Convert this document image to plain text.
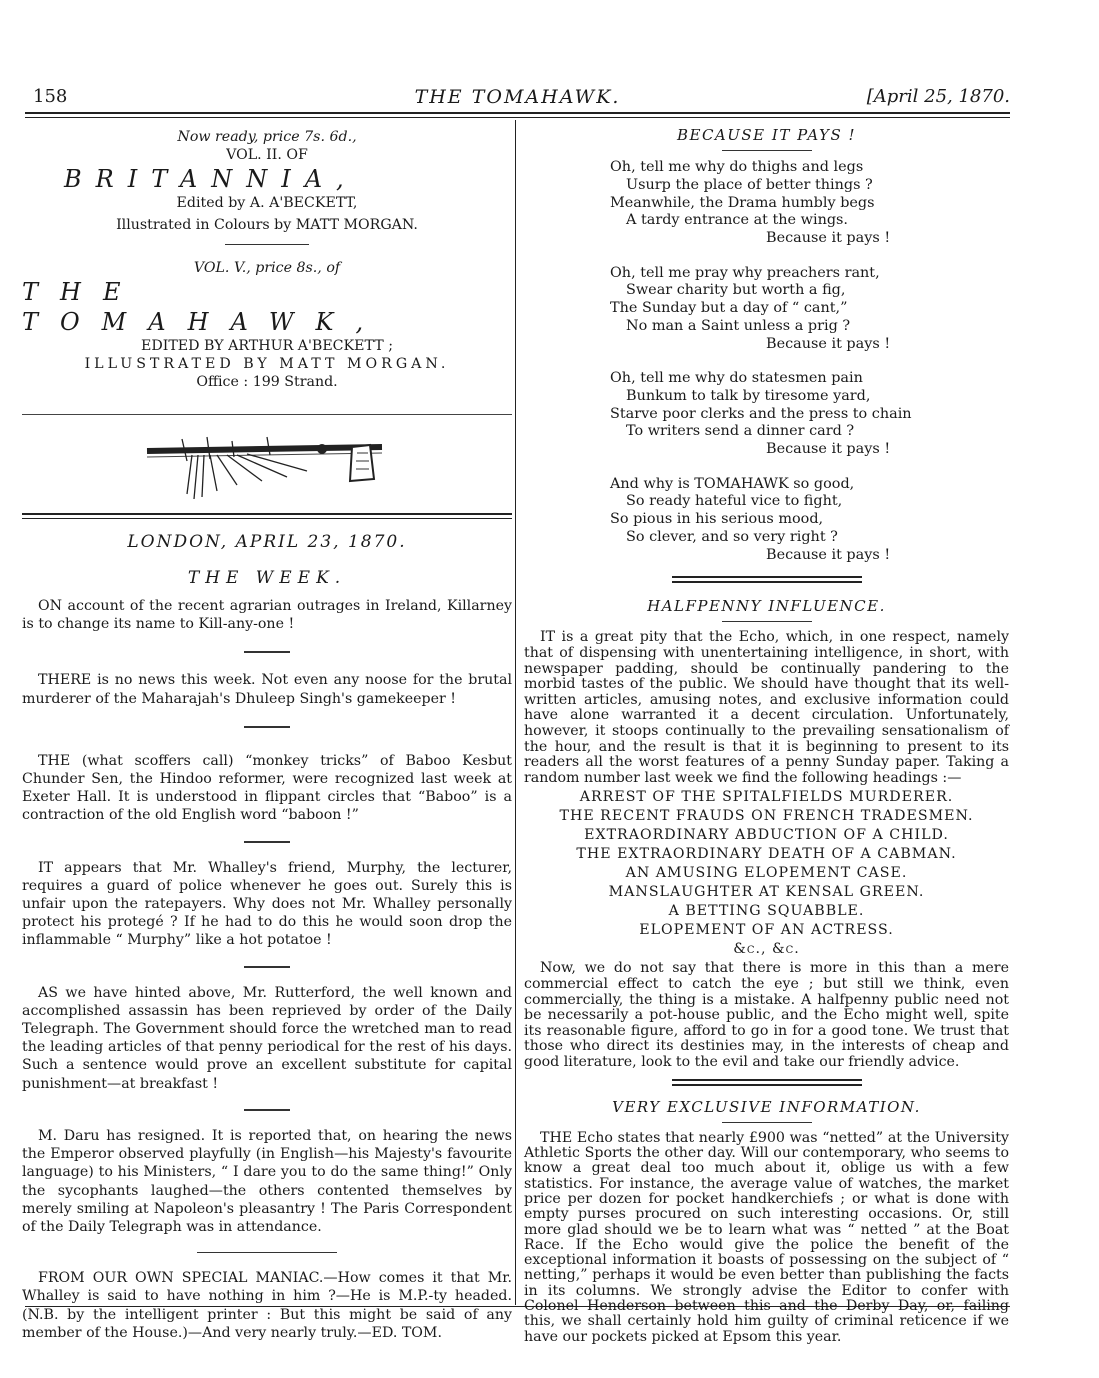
158	THE TOMAHAWK.	[April 25, 1870.

Now ready, price 7s. 6d.,

VOL. II. OF

BRITANNIA,

Edited by A. A'BECKETT,

Illustrated in Colours by MATT MORGAN.

VOL. V., price 8s., of

THE TOMAHAWK,

EDITED BY ARTHUR A'BECKETT ;

ILLUSTRATED BY MATT MORGAN.

Office : 199 Strand.

LONDON, APRIL 23, 1870.

THE WEEK.

ON account of the recent agrarian outrages in Ireland, Killarney is to change its name to Kill-any-one !

THERE is no news this week. Not even any noose for the brutal murderer of the Maharajah's Dhuleep Singh's gamekeeper !

THE (what scoffers call) “monkey tricks” of Baboo Kesbut Chunder Sen, the Hindoo reformer, were recognized last week at Exeter Hall. It is understood in flippant circles that “Baboo” is a contraction of the old English word “baboon !”

IT appears that Mr. Whalley's friend, Murphy, the lecturer, requires a guard of police whenever he goes out. Surely this is unfair upon the ratepayers. Why does not Mr. Whalley personally protect his protegé ? If he had to do this he would soon drop the inflammable “ Murphy” like a hot potatoe !

AS we have hinted above, Mr. Rutterford, the well known and accomplished assassin has been reprieved by order of the Daily Telegraph. The Government should force the wretched man to read the leading articles of that penny periodical for the rest of his days. Such a sentence would prove an excellent substitute for capital punishment—at breakfast !

M. Daru has resigned. It is reported that, on hearing the news the Emperor observed playfully (in English—his Majesty's favourite language) to his Ministers, “ I dare you to do the same thing!” Only the sycophants laughed—the others contented themselves by merely smiling at Napoleon's pleasantry ! The Paris Correspondent of the Daily Telegraph was in attendance.

FROM OUR OWN SPECIAL MANIAC.—How comes it that Mr. Whalley is said to have nothing in him ?—He is M.P.-ty headed. (N.B. by the intelligent printer : But this might be said of any member of the House.)—And very nearly truly.—ED. TOM.

BECAUSE IT PAYS !

Oh, tell me why do thighs and legs
Usurp the place of better things ?
Meanwhile, the Drama humbly begs
A tardy entrance at the wings.
Because it pays !
Oh, tell me pray why preachers rant,
Swear charity but worth a fig,
The Sunday but a day of “ cant,”
No man a Saint unless a prig ?
Because it pays !
Oh, tell me why do statesmen pain
Bunkum to talk by tiresome yard,
Starve poor clerks and the press to chain
To writers send a dinner card ?
Because it pays !
And why is TOMAHAWK so good,
So ready hateful vice to fight,
So pious in his serious mood,
So clever, and so very right ?
Because it pays !

HALFPENNY INFLUENCE.

IT is a great pity that the Echo, which, in one respect, namely that of dispensing with unentertaining intelligence, in short, with newspaper padding, should be continually pandering to the morbid tastes of the public. We should have thought that its well-written articles, amusing notes, and exclusive information could have alone warranted it a decent circulation. Unfortunately, however, it stoops continually to the prevailing sensationalism of the hour, and the result is that it is beginning to present to its readers all the worst features of a penny Sunday paper. Taking a random number last week we find the following headings :—

ARREST OF THE SPITALFIELDS MURDERER.
THE RECENT FRAUDS ON FRENCH TRADESMEN.
EXTRAORDINARY ABDUCTION OF A CHILD.
THE EXTRAORDINARY DEATH OF A CABMAN.
AN AMUSING ELOPEMENT CASE.
MANSLAUGHTER AT KENSAL GREEN.
A BETTING SQUABBLE.
ELOPEMENT OF AN ACTRESS.
&c., &c.

Now, we do not say that there is more in this than a mere commercial effect to catch the eye ; but still we think, even commercially, the thing is a mistake. A halfpenny public need not be necessarily a pot-house public, and the Echo might well, spite its reasonable figure, afford to go in for a good tone. We trust that those who direct its destinies may, in the interests of cheap and good literature, look to the evil and take our friendly advice.

VERY EXCLUSIVE INFORMATION.

THE Echo states that nearly £900 was “netted” at the University Athletic Sports the other day. Will our contemporary, who seems to know a great deal too much about it, oblige us with a few statistics. For instance, the average value of watches, the market price per dozen for pocket handkerchiefs ; or what is done with empty purses procured on such interesting occasions. Or, still more glad should we be to learn what was “ netted ” at the Boat Race. If the Echo would give the police the benefit of the exceptional information it boasts of possessing on the subject of “ netting,” perhaps it would be even better than publishing the facts in its columns. We strongly advise the Editor to confer with Colonel Henderson between this and the Derby Day, or, failing this, we shall certainly hold him guilty of criminal reticence if we have our pockets picked at Epsom this year.
